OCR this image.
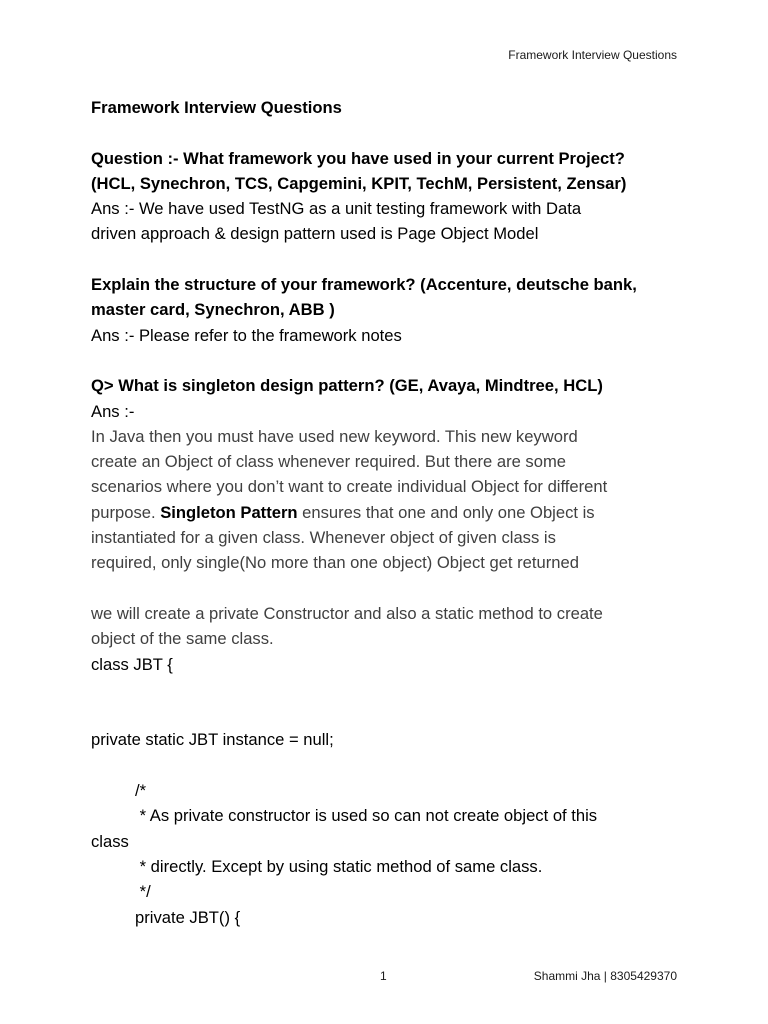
Framework Interview Questions

Framework Interview Questions

Question :- What framework you have used in your current Project?

(HCL, Synechron, TCS, Capgemini, KPIT, TechM, Persistent, Zensar)

Ans :- We have used TestNG as a unit testing framework with Data

driven approach & design pattern used is Page Object Model

Explain the structure of your framework? (Accenture, deutsche bank,

master card, Synechron, ABB )

Ans :- Please refer to the framework notes

Q> What is singleton design pattern? (GE, Avaya, Mindtree, HCL)

Ans :-

In Java then you must have used new keyword. This new keyword

create an Object of class whenever required. But there are some

scenarios where you don’t want to create individual Object for different

purpose. Singleton Pattern ensures that one and only one Object is

instantiated for a given class. Whenever object of given class is

required, only single(No more than one object) Object get returned

we will create a private Constructor and also a static method to create

object of the same class.

class JBT {

private static JBT instance = null;

/*

* As private constructor is used so can not create object of this

class

* directly. Except by using static method of same class.

*/

private JBT() {

1	Shammi Jha | 8305429370
